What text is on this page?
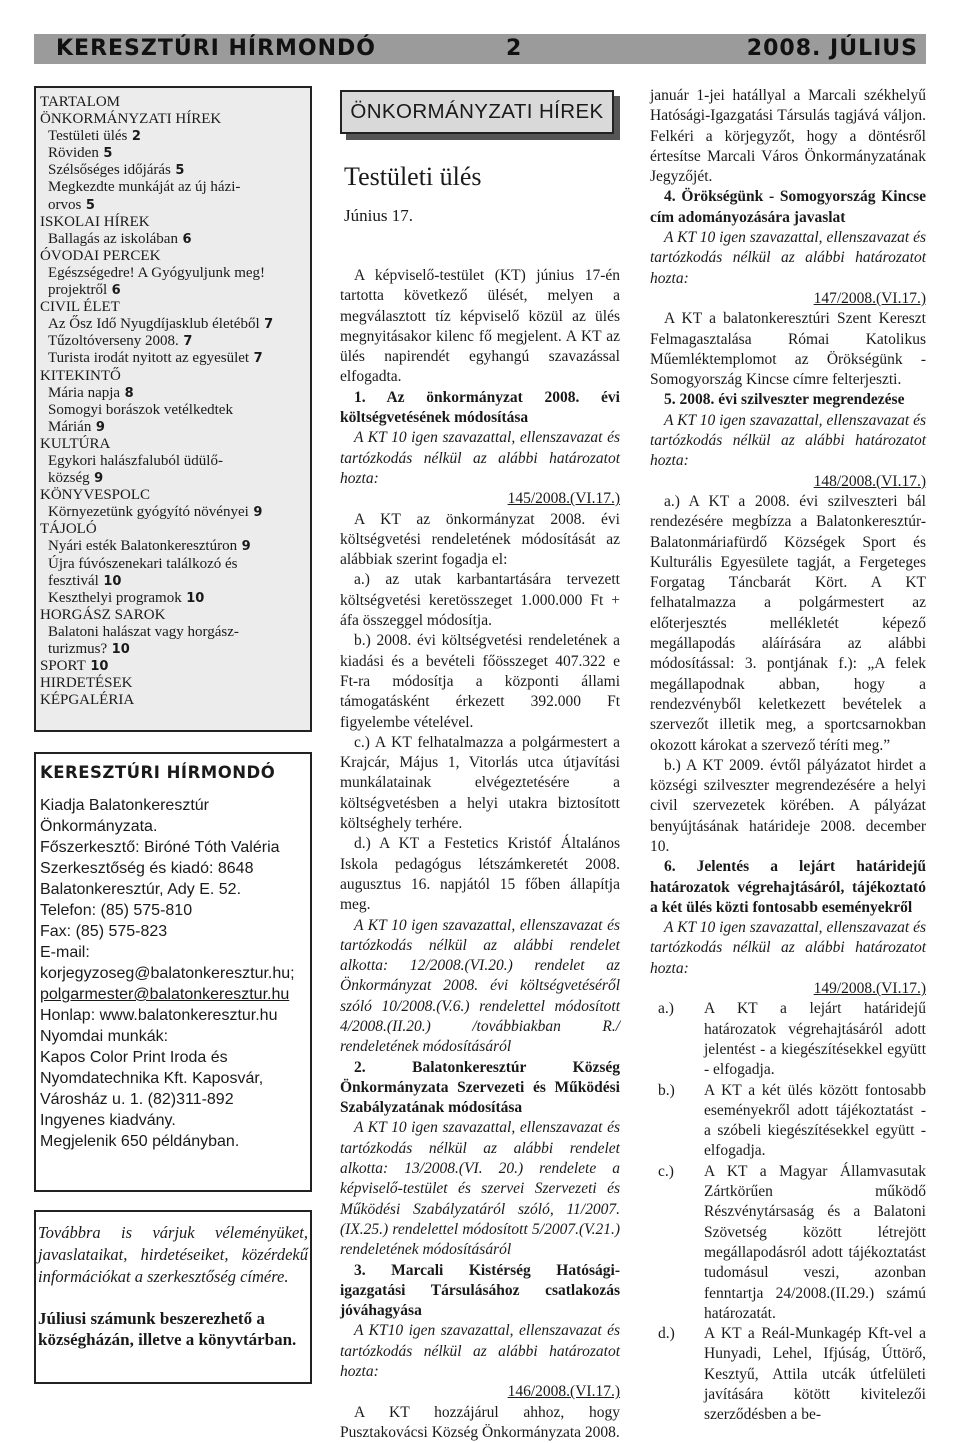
KERESZTÚRI HÍRMONDÓ	2	2008. JÚLIUS
TARTALOM
ÖNKORMÁNYZATI HÍREK
Testületi ülés 2
Röviden 5
Szélsőséges időjárás 5
Megkezdte munkáját az új házi-
orvos 5
ISKOLAI HÍREK
Ballagás az iskolában 6
ÓVODAI PERCEK
Egészségedre! A Gyógyuljunk meg!
projektről 6
CIVIL ÉLET
Az Ősz Idő Nyugdíjasklub életéből 7
Tűzoltóverseny 2008. 7
Turista irodát nyitott az egyesület 7
KITEKINTŐ
Mária napja 8
Somogyi borászok vetélkedtek
Márián 9
KULTÚRA
Egykori halászfaluból üdülő-
község 9
KÖNYVESPOLC
Környezetünk gyógyító növényei 9
TÁJOLÓ
Nyári esték Balatonkeresztúron 9
Újra fúvószenekari találkozó és
fesztivál 10
Keszthelyi programok 10
HORGÁSZ SAROK
Balatoni halászat vagy horgász-
turizmus? 10
SPORT 10
HIRDETÉSEK
KÉPGALÉRIA
KERESZTÚRI HÍRMONDÓ
Kiadja Balatonkeresztúr
Önkormányzata.
Főszerkesztő: Biróné Tóth Valéria
Szerkesztőség és kiadó: 8648
Balatonkeresztúr, Ady E. 52.
Telefon: (85) 575-810
Fax: (85) 575-823
E-mail:
korjegyzoseg@balatonkeresztur.hu;
polgarmester@balatonkeresztur.hu
Honlap: www.balatonkeresztur.hu
Nyomdai munkák:
Kapos Color Print Iroda és
Nyomdatechnika Kft. Kaposvár,
Városház u. 1. (82)311-892
Ingyenes kiadvány.
Megjelenik 650 példányban.
Továbbra is várjuk véleményüket, javaslataikat, hirdetéseiket, közérdekű információkat a szerkesztőség címére.
Júliusi számunk beszerezhető a községházán, illetve a könyvtárban.
ÖNKORMÁNYZATI HÍREK
Testületi ülés
Június 17.

A képviselő-testület (KT) június 17-én tartotta következő ülését, melyen a megválasztott tíz képviselő közül az ülés megnyitásakor kilenc fő megjelent. A KT az ülés napirendét egyhangú szavazással elfogadta.

1. Az önkormányzat 2008. évi költségvetésének módosítása

A KT 10 igen szavazattal, ellenszavazat és tartózkodás nélkül az alábbi határozatot hozta:

145/2008.(VI.17.)

A KT az önkormányzat 2008. évi költségvetési rendeletének módosítását az alábbiak szerint fogadja el:

a.) az utak karbantartására tervezett költségvetési keretösszeget 1.000.000 Ft + áfa összeggel módosítja.

b.) 2008. évi költségvetési rendeletének a kiadási és a bevételi főösszeget 407.322 e Ft-ra módosítja a központi állami támogatásként érkezett 392.000 Ft figyelembe vételével.

c.) A KT felhatalmazza a polgármestert a Krajcár, Május 1, Vitorlás utca útjavítási munkálatainak elvégeztetésére a költségvetésben a helyi utakra biztosított költséghely terhére.

d.) A KT a Festetics Kristóf Általános Iskola pedagógus létszámkeretét 2008. augusztus 16. napjától 15 főben állapítja meg.

A KT 10 igen szavazattal, ellenszavazat és tartózkodás nélkül az alábbi rendelet alkotta: 12/2008.(VI.20.) rendelet az Önkormányzat 2008. évi költségvetéséről szóló 10/2008.(V.6.) rendelettel módosított 4/2008.(II.20.) /továbbiakban R./ rendeletének módosításáról

2. Balatonkeresztúr Község Önkormányzata Szervezeti és Működési Szabályzatának módosítása

A KT 10 igen szavazattal, ellenszavazat és tartózkodás nélkül az alábbi rendelet alkotta: 13/2008.(VI. 20.) rendelete a képviselő-testület és szervei Szervezeti és Működési Szabályzatáról szóló, 11/2007.(IX.25.) rendelettel módosított 5/2007.(V.21.) rendeletének módosításáról

3. Marcali Kistérség Hatósági-igazgatási Társulásához csatlakozás jóváhagyása

A KT10 igen szavazattal, ellenszavazat és tartózkodás nélkül az alábbi határozatot hozta:

146/2008.(VI.17.)

A KT hozzájárul ahhoz, hogy Pusztakovácsi Község Önkormányzata 2008.

január 1-jei hatállyal a Marcali székhelyű Hatósági-Igazgatási Társulás tagjává váljon. Felkéri a körjegyzőt, hogy a döntésről értesítse Marcali Város Önkormányzatának Jegyzőjét.

4. Örökségünk - Somogyország Kincse cím adományozására javaslat

A KT 10 igen szavazattal, ellenszavazat és tartózkodás nélkül az alábbi határozatot hozta:

147/2008.(VI.17.)

A KT a balatonkeresztúri Szent Kereszt Felmagasztalása Római Katolikus Műemléktemplomot az Örökségünk - Somogyország Kincse címre felterjeszti.

5. 2008. évi szilveszter megrendezése

A KT 10 igen szavazattal, ellenszavazat és tartózkodás nélkül az alábbi határozatot hozta:

148/2008.(VI.17.)

a.) A KT a 2008. évi szilveszteri bál rendezésére megbízza a Balatonkeresztúr-Balatonmáriafürdő Községek Sport és Kulturális Egyesülete tagját, a Fergeteges Forgatag Táncbarát Kört. A KT felhatalmazza a polgármestert az előterjesztés mellékletét képező megállapodás aláírására az alábbi módosítással: 3. pontjának f.): „A felek megállapodnak abban, hogy a rendezvényből keletkezett bevételek a szervezőt illetik meg, a sportcsarnokban okozott károkat a szervező téríti meg.”

b.) A KT 2009. évtől pályázatot hirdet a községi szilveszter megrendezésére a helyi civil szervezetek körében. A pályázat benyújtásának határideje 2008. december 10.

6. Jelentés a lejárt határidejű határozatok végrehajtásáról, tájékoztató a két ülés közti fontosabb eseményekről

A KT 10 igen szavazattal, ellenszavazat és tartózkodás nélkül az alábbi határozatot hozta:

149/2008.(VI.17.)
a.)	A KT a lejárt határidejű határozatok végrehajtásáról adott jelentést - a kiegészítésekkel együtt - elfogadja.
b.)	A KT a két ülés között fontosabb eseményekről adott tájékoztatást - a szóbeli kiegészítésekkel együtt - elfogadja.
c.)	A KT a Magyar Államvasutak Zártkörűen működő Részvénytársaság és a Balatoni Szövetség között létrejött megállapodásról adott tájékoztatást tudomásul veszi, azonban fenntartja 24/2008.(II.29.) számú határozatát.
d.)	A KT a Reál-Munkagép Kft-vel a Hunyadi, Lehel, Ifjúság, Úttörő, Kesztyű, Attila utcák útfelületi javítására kötött kivitelezői szerződésben a be-
